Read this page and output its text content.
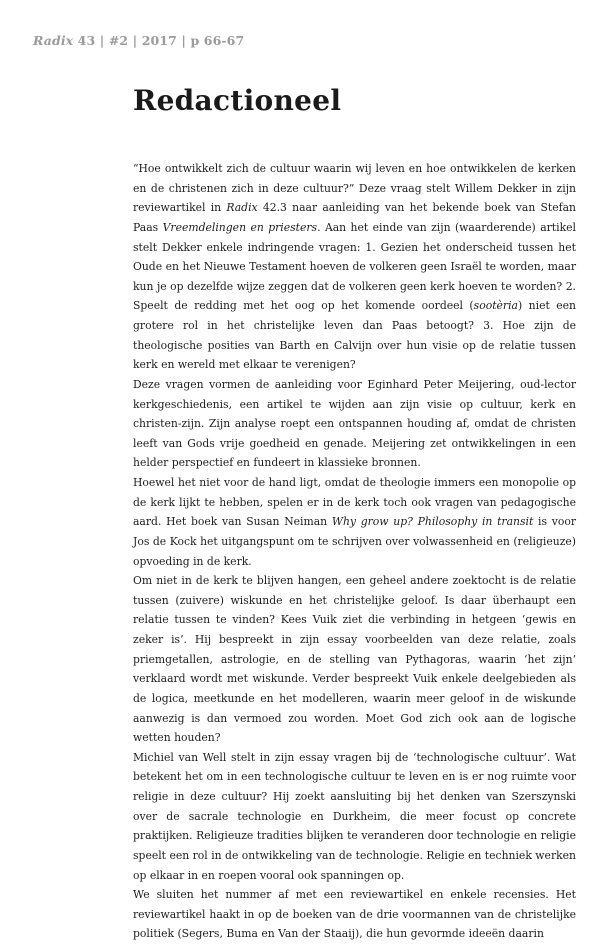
Radix 43 | #2 | 2017 | p 66-67
Redactioneel

“Hoe ontwikkelt zich de cultuur waarin wij leven en hoe ontwikkelen de kerken en de christenen zich in deze cultuur?” Deze vraag stelt Willem Dekker in zijn reviewartikel in Radix 42.3 naar aanleiding van het bekende boek van Stefan Paas Vreemdelingen en priesters. Aan het einde van zijn (waarderende) artikel stelt Dekker enkele indringende vragen: 1. Gezien het onderscheid tussen het Oude en het Nieuwe Testament hoeven de volkeren geen Israël te worden, maar kun je op dezelfde wijze zeggen dat de volkeren geen kerk hoeven te worden? 2. Speelt de redding met het oog op het komende oordeel (sootèria) niet een grotere rol in het christelijke leven dan Paas betoogt? 3. Hoe zijn de theologische posities van Barth en Calvijn over hun visie op de relatie tussen kerk en wereld met elkaar te verenigen?

Deze vragen vormen de aanleiding voor Eginhard Peter Meijering, oud-lector kerkgeschiedenis, een artikel te wijden aan zijn visie op cultuur, kerk en christen-zijn. Zijn analyse roept een ontspannen houding af, omdat de christen leeft van Gods vrije goedheid en genade. Meijering zet ontwikkelingen in een helder perspectief en fundeert in klassieke bronnen.

Hoewel het niet voor de hand ligt, omdat de theologie immers een monopolie op de kerk lijkt te hebben, spelen er in de kerk toch ook vragen van pedagogische aard. Het boek van Susan Neiman Why grow up? Philosophy in transit is voor Jos de Kock het uitgangspunt om te schrijven over volwassenheid en (religieuze) opvoeding in de kerk.

Om niet in de kerk te blijven hangen, een geheel andere zoektocht is de relatie tussen (zuivere) wiskunde en het christelijke geloof. Is daar überhaupt een relatie tussen te vinden? Kees Vuik ziet die verbinding in hetgeen ‘gewis en zeker is’. Hij bespreekt in zijn essay voorbeelden van deze relatie, zoals priemgetallen, astrologie, en de stelling van Pythagoras, waarin ‘het zijn’ verklaard wordt met wiskunde. Verder bespreekt Vuik enkele deelgebieden als de logica, meetkunde en het modelleren, waarin meer geloof in de wiskunde aanwezig is dan vermoed zou worden. Moet God zich ook aan de logische wetten houden?

Michiel van Well stelt in zijn essay vragen bij de ‘technologische cultuur’. Wat betekent het om in een technologische cultuur te leven en is er nog ruimte voor religie in deze cultuur? Hij zoekt aansluiting bij het denken van Szerszynski over de sacrale technologie en Durkheim, die meer focust op concrete praktijken. Religieuze tradities blijken te veranderen door technologie en religie speelt een rol in de ontwikkeling van de technologie. Religie en techniek werken op elkaar in en roepen vooral ook spanningen op.

We sluiten het nummer af met een reviewartikel en enkele recensies. Het reviewartikel haakt in op de boeken van de drie voormannen van de christelijke politiek (Segers, Buma en Van der Staaij), die hun gevormde ideeën daarin
